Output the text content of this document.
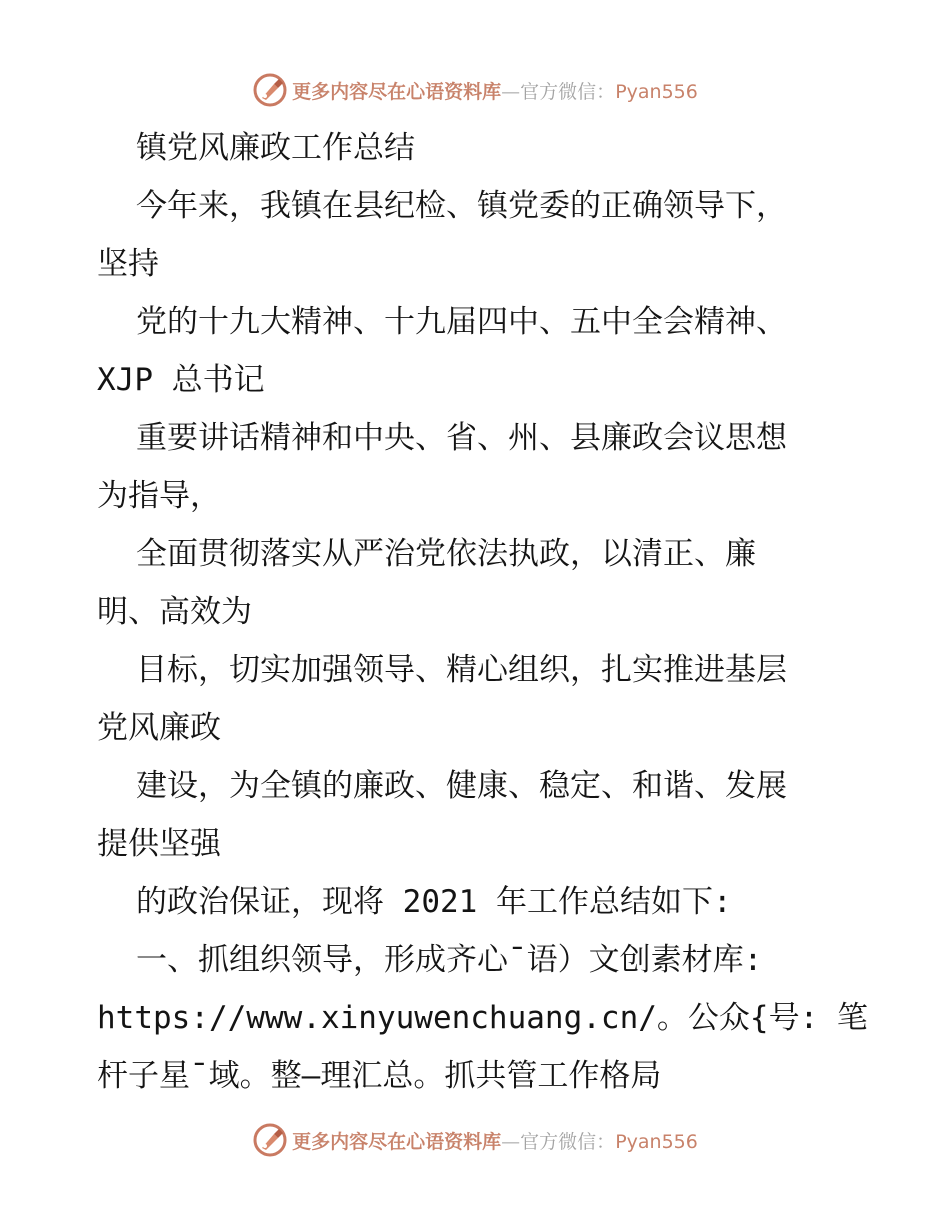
更多内容尽在心语资料库—官方微信：Pyan556
镇党风廉政工作总结
今年来，我镇在县纪检、镇党委的正确领导下，
坚持
党的十九大精神、十九届四中、五中全会精神、
XJP 总书记
重要讲话精神和中央、省、州、县廉政会议思想
为指导，
全面贯彻落实从严治党依法执政，以清正、廉
明、高效为
目标，切实加强领导、精心组织，扎实推进基层
党风廉政
建设，为全镇的廉政、健康、稳定、和谐、发展
提供坚强
的政治保证，现将 2021 年工作总结如下:
一、抓组织领导，形成齐心¯语）文创素材库:
https://www.xinyuwenchuang.cn/。公众{号: 笔
杆子星¯域。整—理汇总。抓共管工作格局
更多内容尽在心语资料库—官方微信：Pyan556
